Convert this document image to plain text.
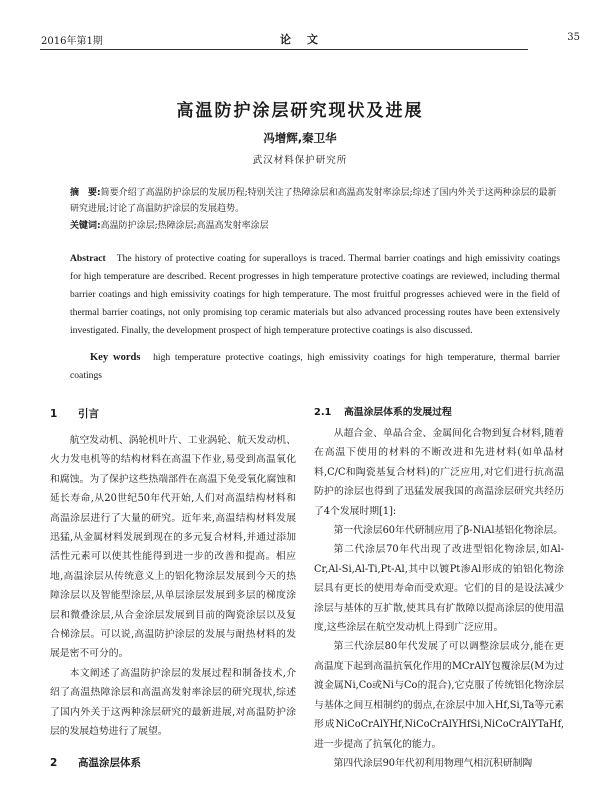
2016年第1期	论 文	35
高温防护涂层研究现状及进展
冯增辉,秦卫华
武汉材料保护研究所
摘　要:简要介绍了高温防护涂层的发展历程;特别关注了热障涂层和高温高发射率涂层;综述了国内外关于这两种涂层的最新研究进展;讨论了高温防护涂层的发展趋势。
关键词:高温防护涂层;热障涂层;高温高发射率涂层
Abstract The history of protective coating for superalloys is traced. Thermal barrier coatings and high emissivity coatings for high temperature are described. Recent progresses in high temperature protective coatings are reviewed, including thermal barrier coatings and high emissivity coatings for high temperature. The most fruitful progresses achieved were in the field of thermal barrier coatings, not only promising top ceramic materials but also advanced processing routes have been extensively investigated. Finally, the development prospect of high temperature protective coatings is also discussed.
Key words high temperature protective coatings, high emissivity coatings for high temperature, thermal barrier coatings
1 引言

航空发动机、涡轮机叶片、工业涡轮、航天发动机、火力发电机等的结构材料在高温下作业,易受到高温氧化和腐蚀。为了保护这些热端部件在高温下免受氧化腐蚀和延长寿命,从20世纪50年代开始,人们对高温结构材料和高温涂层进行了大量的研究。近年来,高温结构材料发展迅猛,从金属材料发展到现在的多元复合材料,并通过添加活性元素可以使其性能得到进一步的改善和提高。相应地,高温涂层从传统意义上的铝化物涂层发展到今天的热障涂层以及智能型涂层,从单层涂层发展到多层的梯度涂层和微叠涂层,从合金涂层发展到目前的陶瓷涂层以及复合梯涂层。可以说,高温防护涂层的发展与耐热材料的发展是密不可分的。

本文阐述了高温防护涂层的发展过程和制备技术,介绍了高温热障涂层和高温高发射率涂层的研究现状,综述了国内外关于这两种涂层研究的最新进展,对高温防护涂层的发展趋势进行了展望。

2 高温涂层体系
2.1 高温涂层体系的发展过程

从超合金、单晶合金、金属间化合物到复合材料,随着在高温下使用的材料的不断改进和先进材料(如单晶材料,C/C和陶瓷基复合材料)的广泛应用,对它们进行抗高温防护的涂层也得到了迅猛发展我国的高温涂层研究共经历了4个发展时期[1]:

第一代涂层60年代研制应用了β-NiAl基铝化物涂层。

第二代涂层70年代出现了改进型铝化物涂层,如Al-Cr,Al-Si,Al-Ti,Pt-Al,其中以镀Pt渗Al形成的铂铝化物涂层具有更长的使用寿命而受欢迎。它们的目的是设法减少涂层与基体的互扩散,使其具有扩散障以提高涂层的使用温度,这些涂层在航空发动机上得到广泛应用。

第三代涂层80年代发展了可以调整涂层成分,能在更高温度下起到高温抗氧化作用的MCrAlY包覆涂层(M为过渡金属Ni,Co或Ni与Co的混合),它克服了传统铝化物涂层与基体之间互相制约的弱点,在涂层中加入Hf,Si,Ta等元素形成NiCoCrAlYHf,NiCoCrAlYHfSi,NiCoCrAlYTaHf,进一步提高了抗氧化的能力。

第四代涂层90年代初利用物理气相沉积研制陶
